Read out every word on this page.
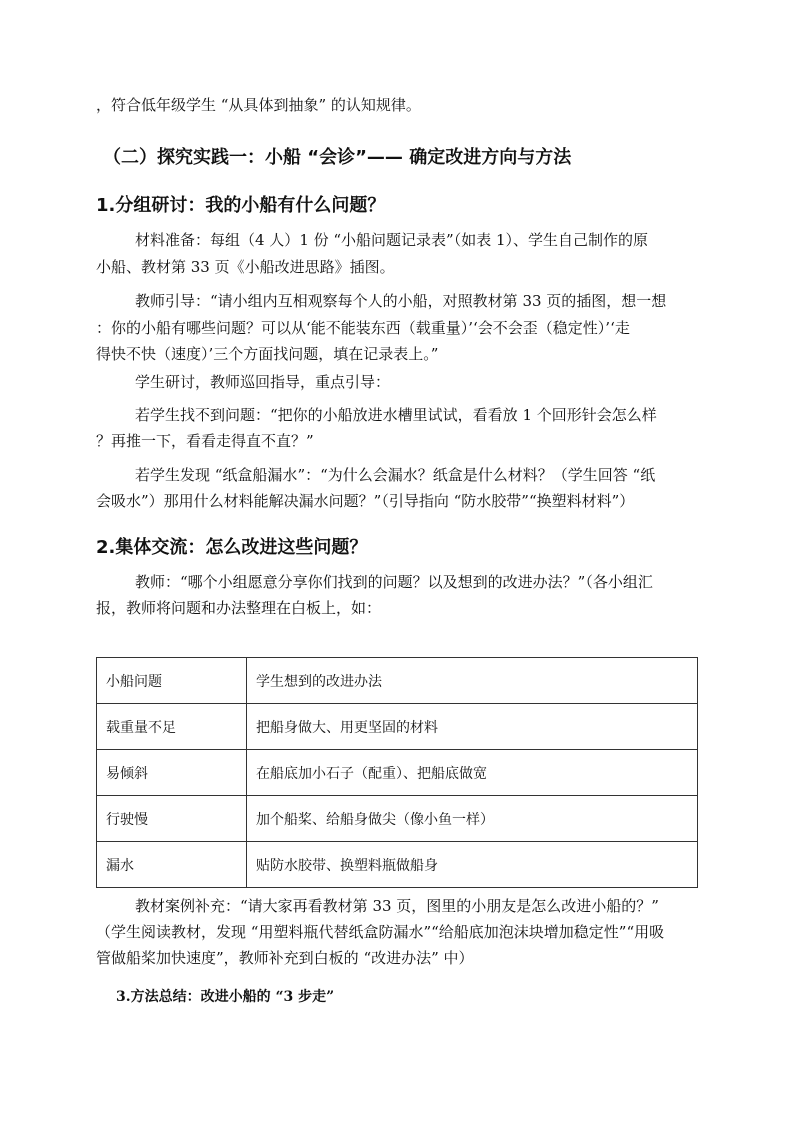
，符合低年级学生 “从具体到抽象” 的认知规律。
（二）探究实践一：小船 “会诊”—— 确定改进方向与方法
1.分组研讨：我的小船有什么问题？
材料准备：每组（4 人）1 份 “小船问题记录表”（如表 1）、学生自己制作的原
小船、教材第 33 页《小船改进思路》插图。
教师引导：“请小组内互相观察每个人的小船，对照教材第 33 页的插图，想一想
：你的小船有哪些问题？可以从‘能不能装东西（载重量）’‘会不会歪（稳定性）’‘走
得快不快（速度）’三个方面找问题，填在记录表上。”
学生研讨，教师巡回指导，重点引导：
若学生找不到问题：“把你的小船放进水槽里试试，看看放 1 个回形针会怎么样
？再推一下，看看走得直不直？”
若学生发现 “纸盒船漏水”：“为什么会漏水？纸盒是什么材料？（学生回答 “纸
会吸水”）那用什么材料能解决漏水问题？”（引导指向 “防水胶带”“换塑料材料”）
2.集体交流：怎么改进这些问题？
教师：“哪个小组愿意分享你们找到的问题？以及想到的改进办法？”（各小组汇
报，教师将问题和办法整理在白板上，如：
小船问题	学生想到的改进办法
载重量不足	把船身做大、用更坚固的材料
易倾斜	在船底加小石子（配重）、把船底做宽
行驶慢	加个船桨、给船身做尖（像小鱼一样）
漏水	贴防水胶带、换塑料瓶做船身
教材案例补充：“请大家再看教材第 33 页，图里的小朋友是怎么改进小船的？”
（学生阅读教材，发现 “用塑料瓶代替纸盒防漏水”“给船底加泡沫块增加稳定性”“用吸
管做船桨加快速度”，教师补充到白板的 “改进办法” 中）
3.方法总结：改进小船的 “3 步走”
